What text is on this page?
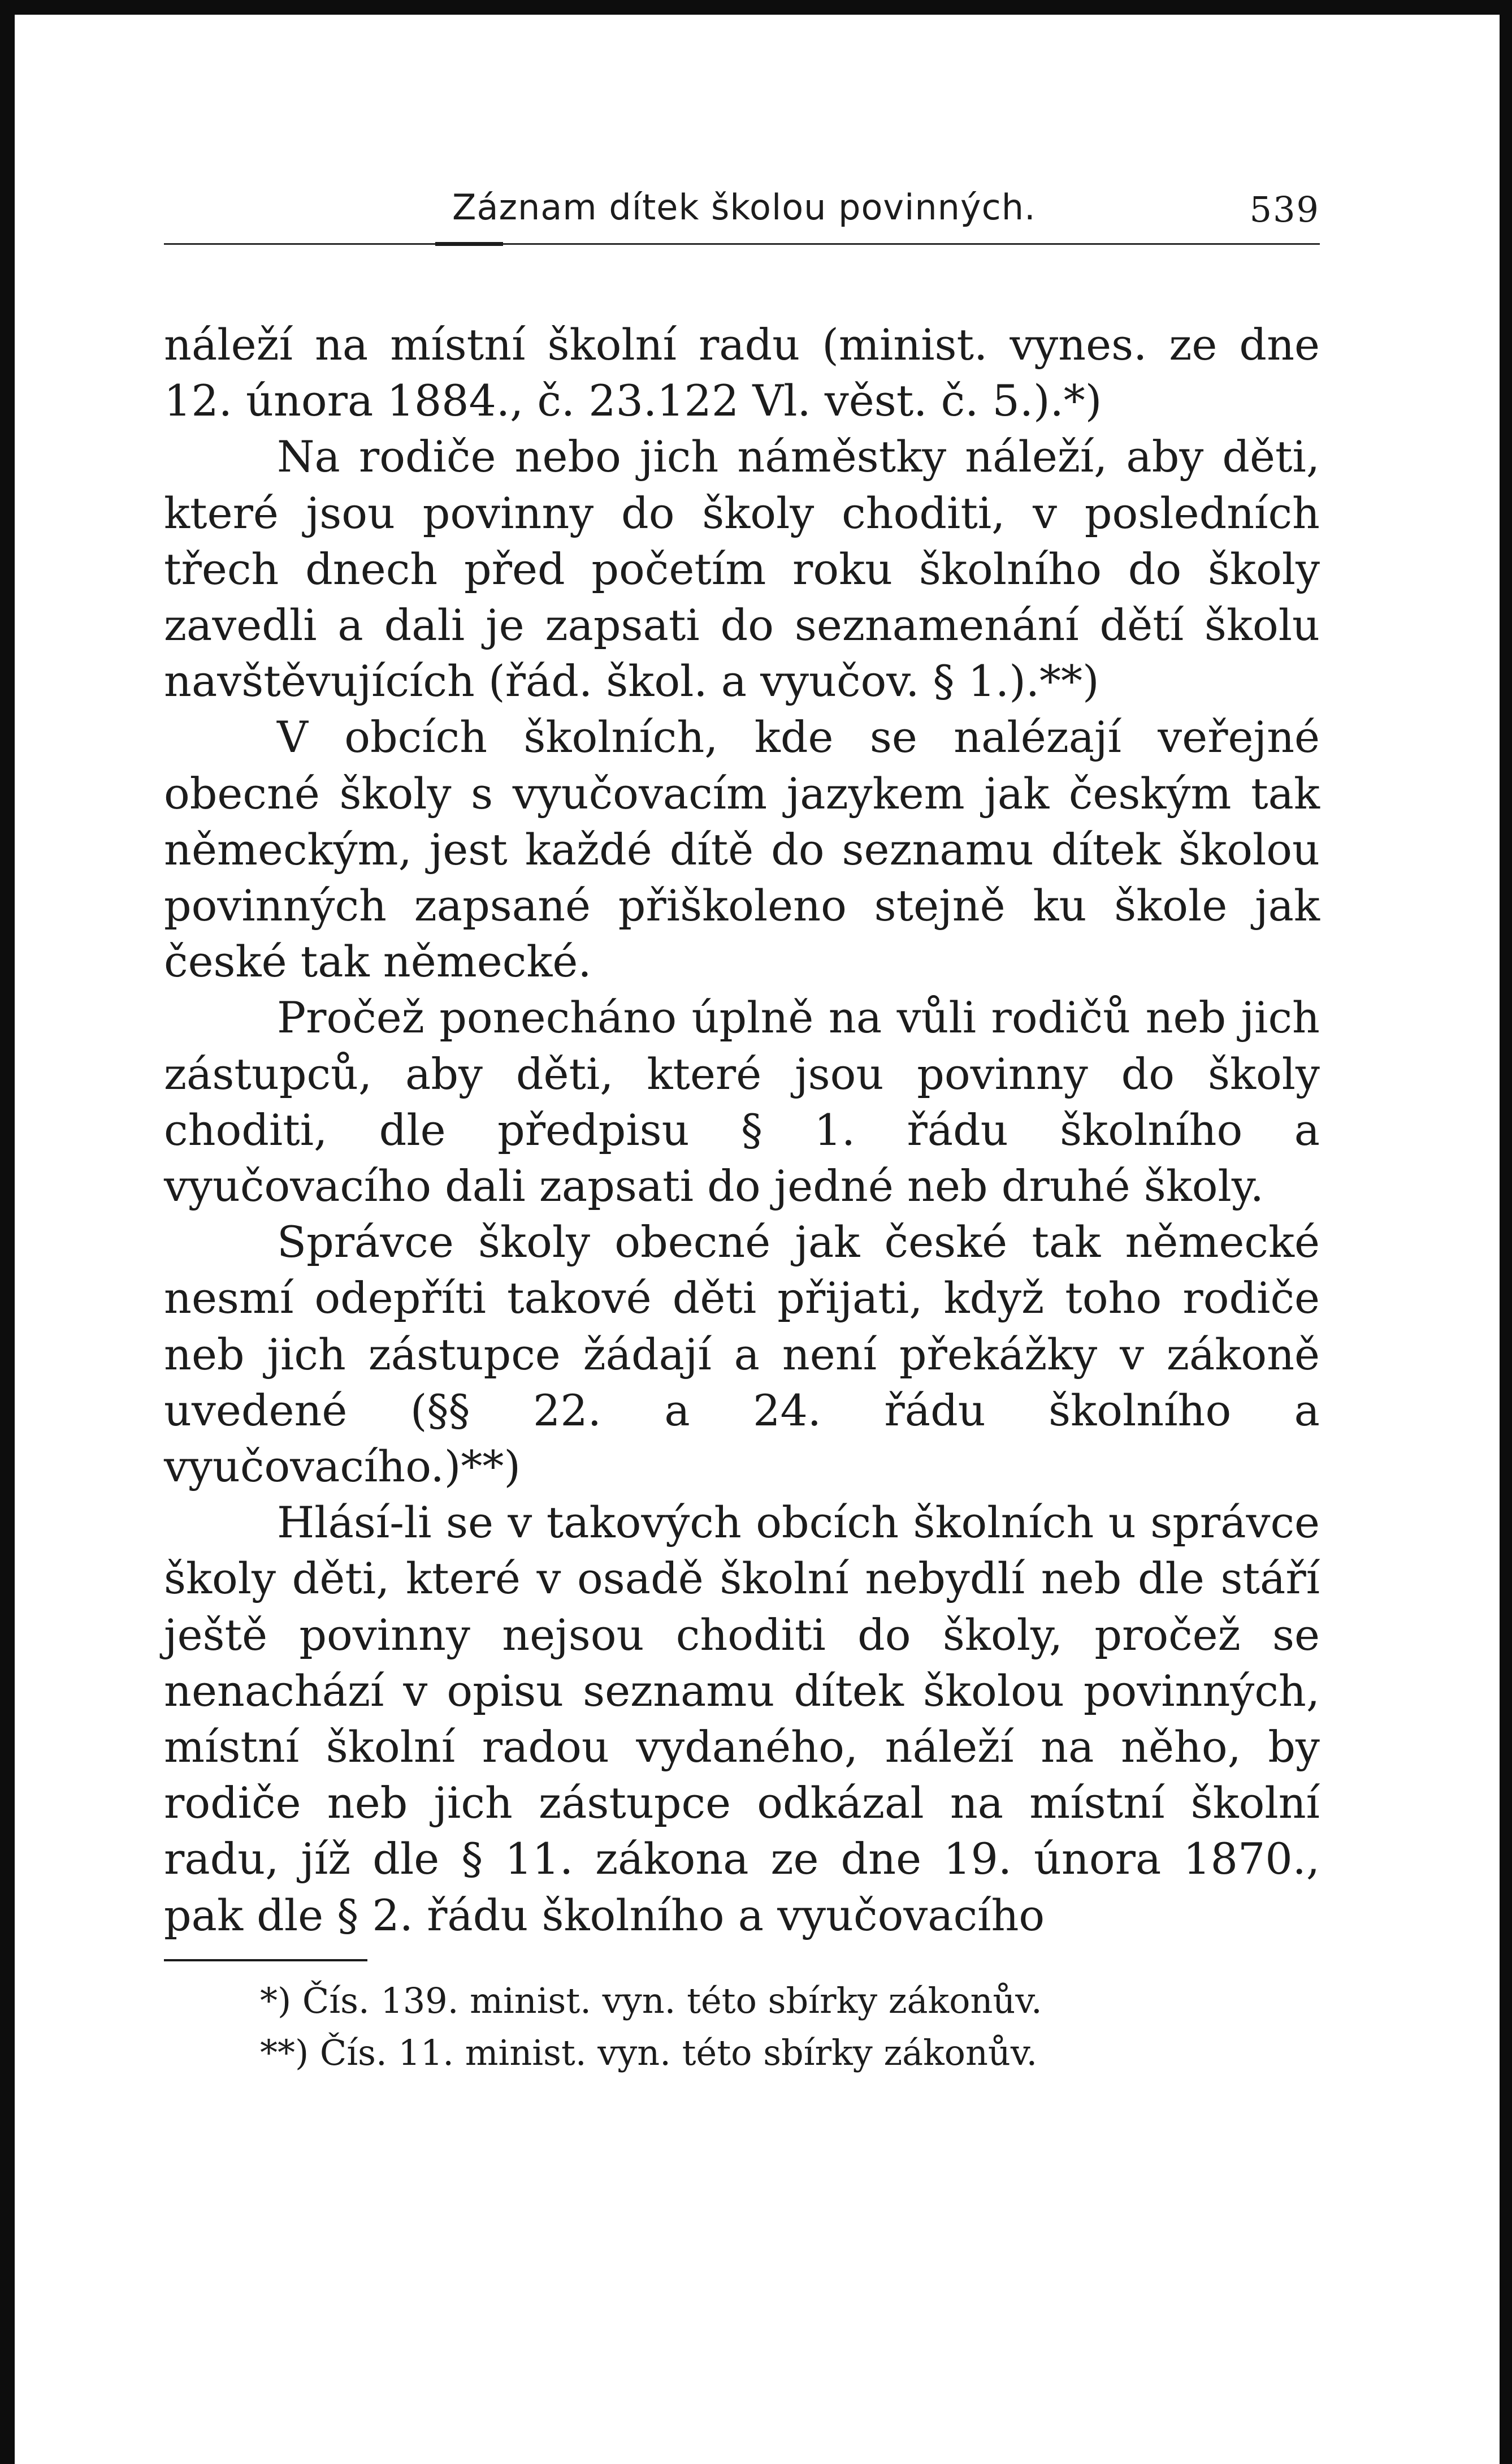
Záznam dítek školou povinných.	539

náleží na místní školní radu (minist. vynes. ze dne 12. února 1884., č. 23.122 Vl. věst. č. 5.).*)

Na rodiče nebo jich náměstky náleží, aby děti, které jsou povinny do školy choditi, v posledních třech dnech před početím roku školního do školy zavedli a dali je zapsati do seznamenání dětí školu navštěvujících (řád. škol. a vyučov. § 1.).**)

V obcích školních, kde se nalézají veřejné obecné školy s vyučovacím jazykem jak českým tak německým, jest každé dítě do seznamu dítek školou povinných zapsané přiškoleno stejně ku škole jak české tak německé.

Pročež ponecháno úplně na vůli rodičů neb jich zástupců, aby děti, které jsou povinny do školy choditi, dle předpisu § 1. řádu školního a vyučovacího dali zapsati do jedné neb druhé školy.

Správce školy obecné jak české tak německé nesmí odepříti takové děti přijati, když toho rodiče neb jich zástupce žádají a není překážky v zákoně uvedené (§§ 22. a 24. řádu školního a vyučovacího.)**)

Hlásí-li se v takových obcích školních u správce školy děti, které v osadě školní nebydlí neb dle stáří ještě povinny nejsou choditi do školy, pročež se nenachází v opisu seznamu dítek školou povinných, místní školní radou vydaného, náleží na něho, by rodiče neb jich zástupce odkázal na místní školní radu, jíž dle § 11. zákona ze dne 19. února 1870., pak dle § 2. řádu školního a vyučovacího

*) Čís. 139. minist. vyn. této sbírky zákonův.
**) Čís. 11. minist. vyn. této sbírky zákonův.
